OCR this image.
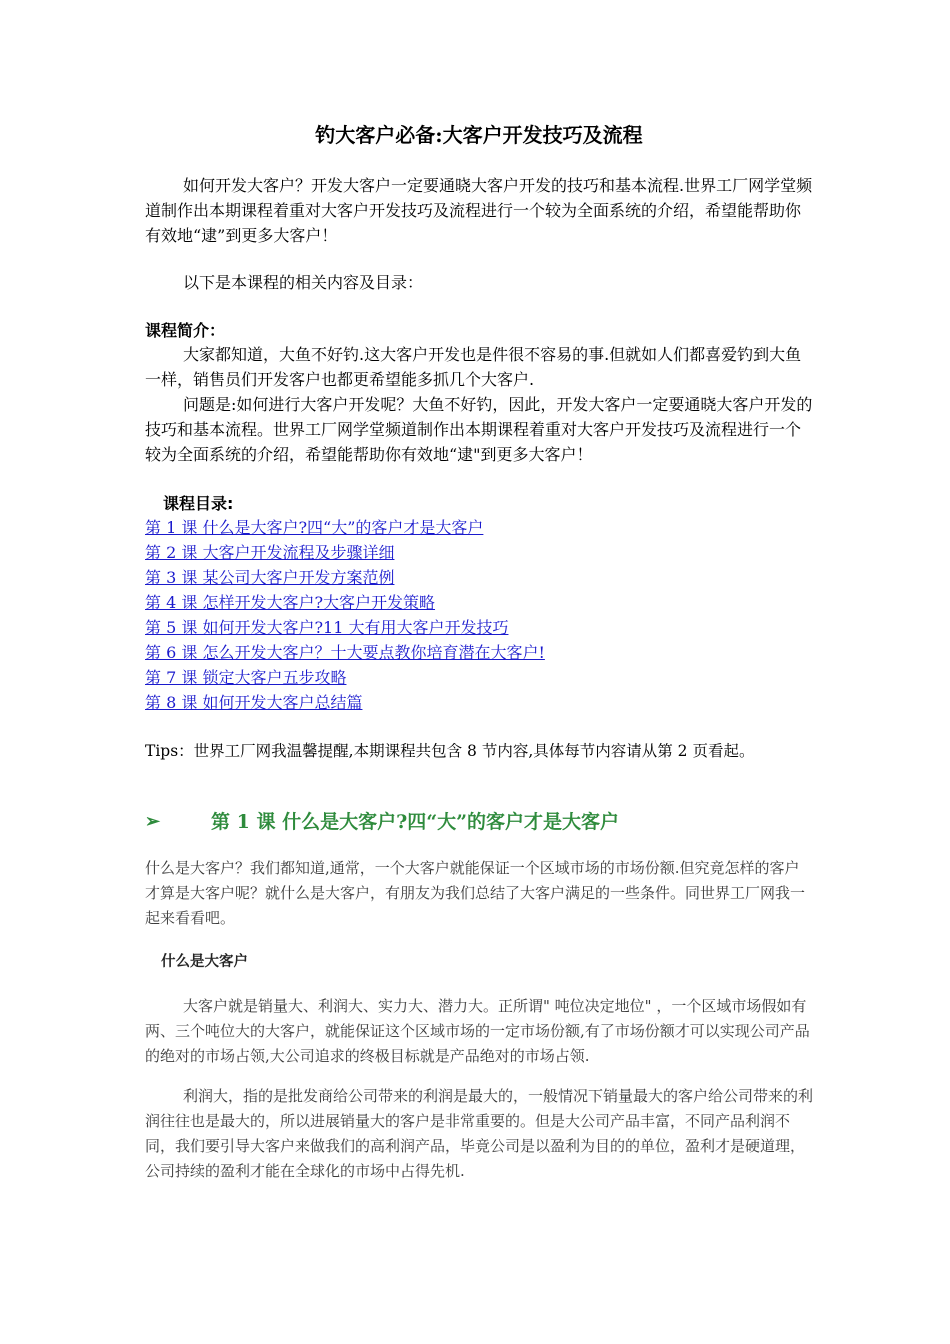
钓大客户必备:大客户开发技巧及流程

如何开发大客户？开发大客户一定要通晓大客户开发的技巧和基本流程.世界工厂网学堂频道制作出本期课程着重对大客户开发技巧及流程进行一个较为全面系统的介绍，希望能帮助你有效地“逮”到更多大客户！

以下是本课程的相关内容及目录：

课程简介：

大家都知道，大鱼不好钓.这大客户开发也是件很不容易的事.但就如人们都喜爱钓到大鱼一样，销售员们开发客户也都更希望能多抓几个大客户.

问题是:如何进行大客户开发呢？大鱼不好钓，因此，开发大客户一定要通晓大客户开发的技巧和基本流程。世界工厂网学堂频道制作出本期课程着重对大客户开发技巧及流程进行一个较为全面系统的介绍，希望能帮助你有效地“逮"到更多大客户！

课程目录:
第 1 课 什么是大客户?四“大”的客户才是大客户
第 2 课 大客户开发流程及步骤详细
第 3 课 某公司大客户开发方案范例
第 4 课 怎样开发大客户?大客户开发策略
第 5 课 如何开发大客户?11 大有用大客户开发技巧
第 6 课 怎么开发大客户？十大要点教你培育潜在大客户!
第 7 课 锁定大客户五步攻略
第 8 课 如何开发大客户总结篇

Tips：世界工厂网我温馨提醒,本期课程共包含 8 节内容,具体每节内容请从第 2 页看起。

➢	第 1 课 什么是大客户?四“大”的客户才是大客户

什么是大客户？我们都知道,通常，一个大客户就能保证一个区域市场的市场份额.但究竟怎样的客户才算是大客户呢？就什么是大客户，有朋友为我们总结了大客户满足的一些条件。同世界工厂网我一起来看看吧。

什么是大客户

大客户就是销量大、利润大、实力大、潜力大。正所谓" 吨位决定地位" ，一个区域市场假如有两、三个吨位大的大客户，就能保证这个区域市场的一定市场份额,有了市场份额才可以实现公司产品的绝对的市场占领,大公司追求的终极目标就是产品绝对的市场占领.

利润大，指的是批发商给公司带来的利润是最大的，一般情况下销量最大的客户给公司带来的利润往往也是最大的，所以进展销量大的客户是非常重要的。但是大公司产品丰富，不同产品利润不同，我们要引导大客户来做我们的高利润产品，毕竟公司是以盈利为目的的单位，盈利才是硬道理，公司持续的盈利才能在全球化的市场中占得先机.
